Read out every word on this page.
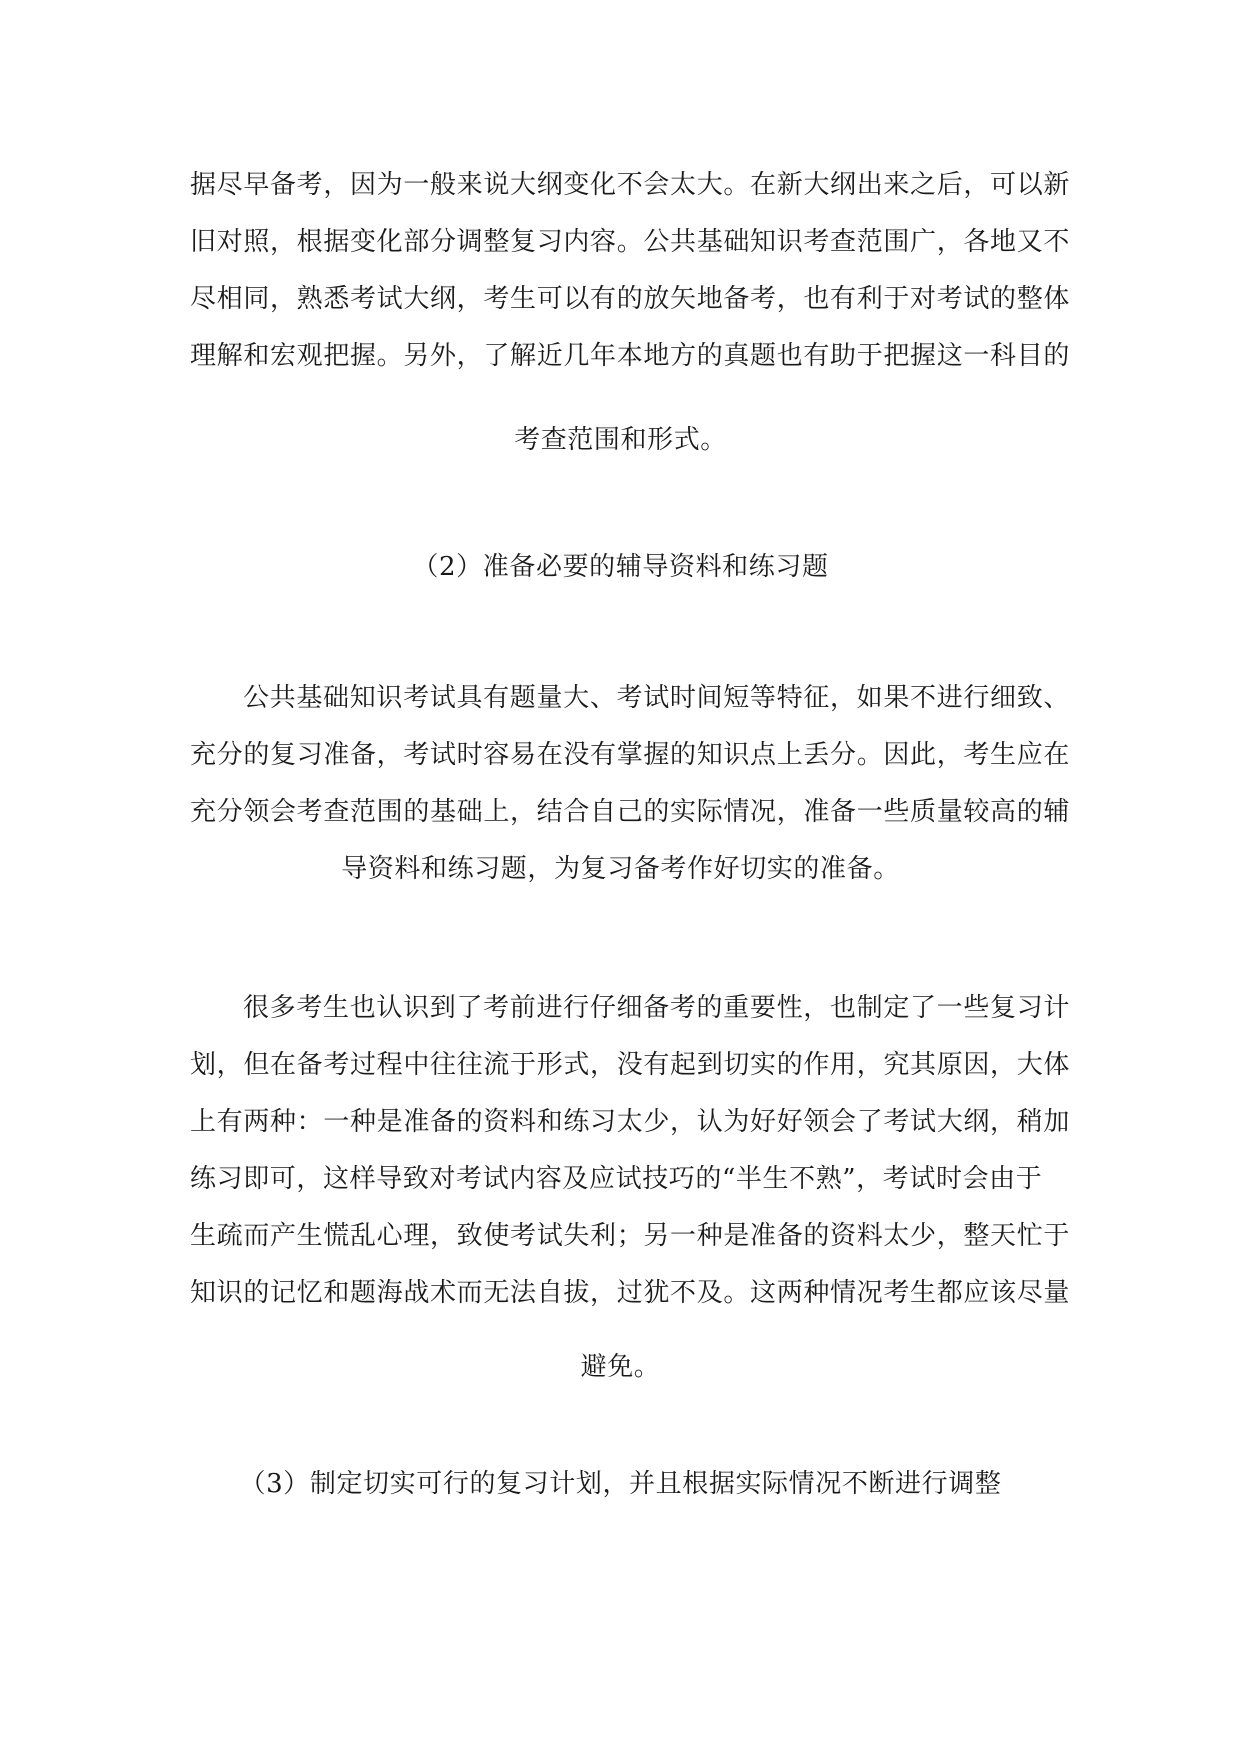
据尽早备考，因为一般来说大纲变化不会太大。在新大纲出来之后，可以新
旧对照，根据变化部分调整复习内容。公共基础知识考查范围广，各地又不
尽相同，熟悉考试大纲，考生可以有的放矢地备考，也有利于对考试的整体
理解和宏观把握。另外，了解近几年本地方的真题也有助于把握这一科目的
考查范围和形式。
（2）准备必要的辅导资料和练习题
公共基础知识考试具有题量大、考试时间短等特征，如果不进行细致、
充分的复习准备，考试时容易在没有掌握的知识点上丢分。因此，考生应在
充分领会考查范围的基础上，结合自己的实际情况，准备一些质量较高的辅
导资料和练习题，为复习备考作好切实的准备。
很多考生也认识到了考前进行仔细备考的重要性，也制定了一些复习计
划，但在备考过程中往往流于形式，没有起到切实的作用，究其原因，大体
上有两种：一种是准备的资料和练习太少，认为好好领会了考试大纲，稍加
练习即可，这样导致对考试内容及应试技巧的“半生不熟”，考试时会由于
生疏而产生慌乱心理，致使考试失利；另一种是准备的资料太少，整天忙于
知识的记忆和题海战术而无法自拔，过犹不及。这两种情况考生都应该尽量
避免。
（3）制定切实可行的复习计划，并且根据实际情况不断进行调整
